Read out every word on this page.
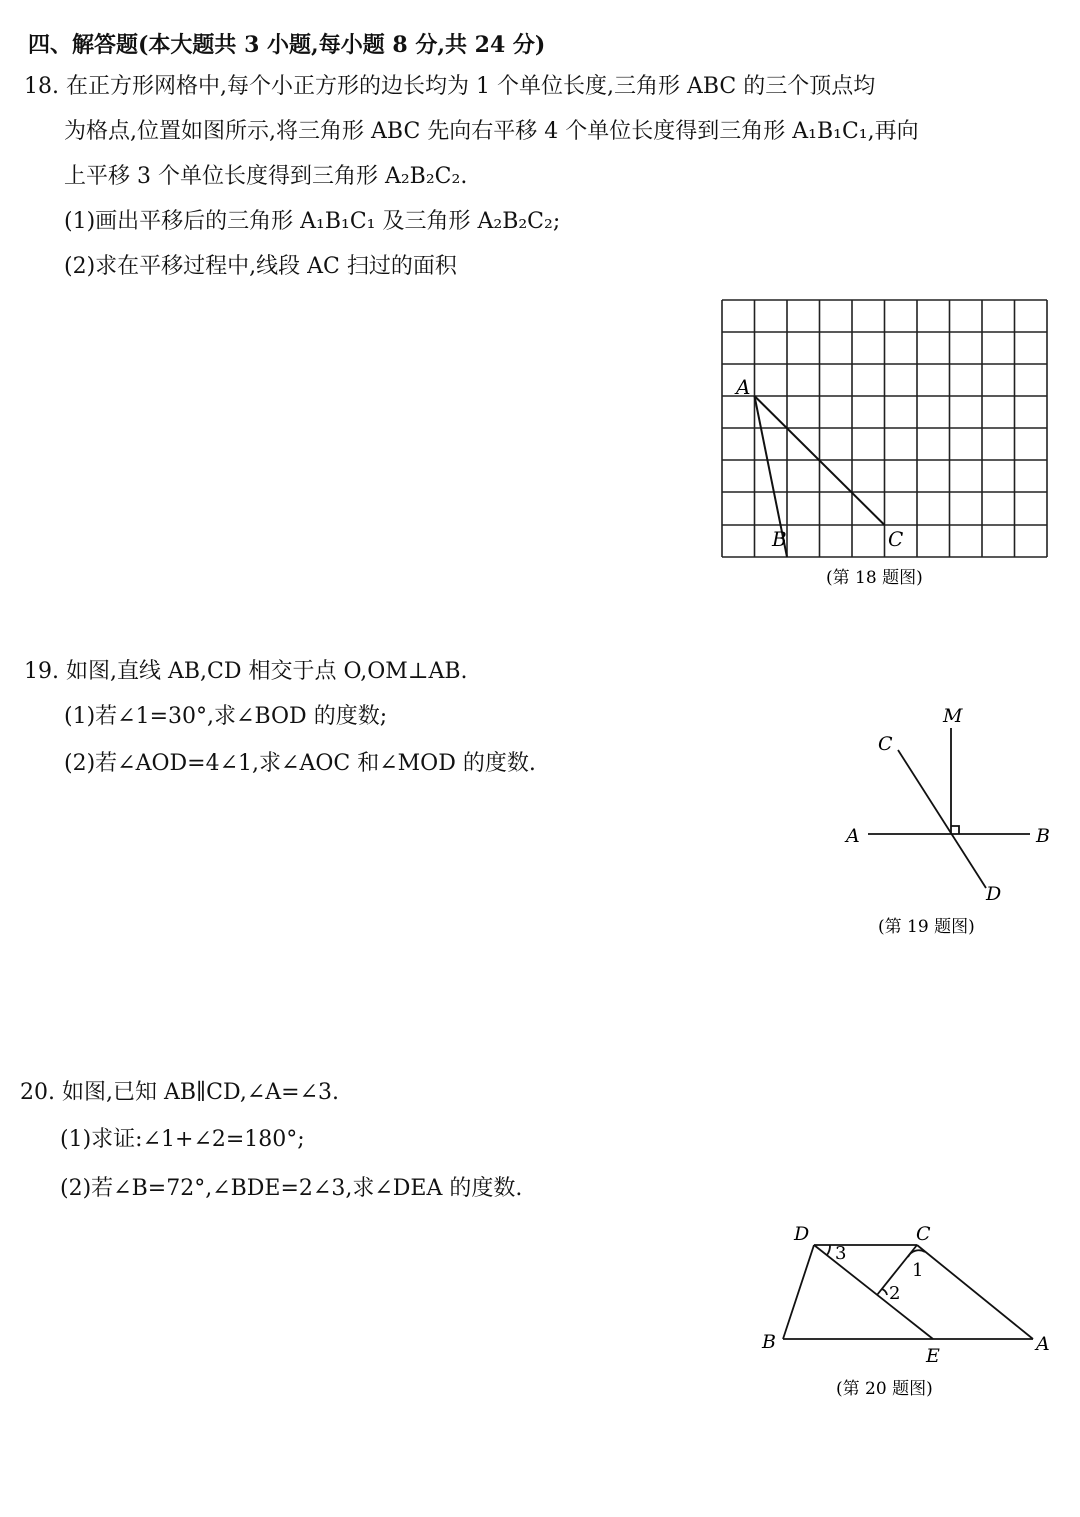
四、解答题(本大题共 3 小题,每小题 8 分,共 24 分)
18. 在正方形网格中,每个小正方形的边长均为 1 个单位长度,三角形 ABC 的三个顶点均
为格点,位置如图所示,将三角形 ABC 先向右平移 4 个单位长度得到三角形 A₁B₁C₁,再向
上平移 3 个单位长度得到三角形 A₂B₂C₂.
(1)画出平移后的三角形 A₁B₁C₁ 及三角形 A₂B₂C₂;
(2)求在平移过程中,线段 AC 扫过的面积
A
B	C
(第 18 题图)
19. 如图,直线 AB,CD 相交于点 O,OM⊥AB.
(1)若∠1=30°,求∠BOD 的度数;
(2)若∠AOD=4∠1,求∠AOC 和∠MOD 的度数.
M
C
A	B
D
(第 19 题图)
20. 如图,已知 AB∥CD,∠A=∠3.
(1)求证:∠1+∠2=180°;
(2)若∠B=72°,∠BDE=2∠3,求∠DEA 的度数.
D	C
B
E
A
1
2
3
(第 20 题图)
